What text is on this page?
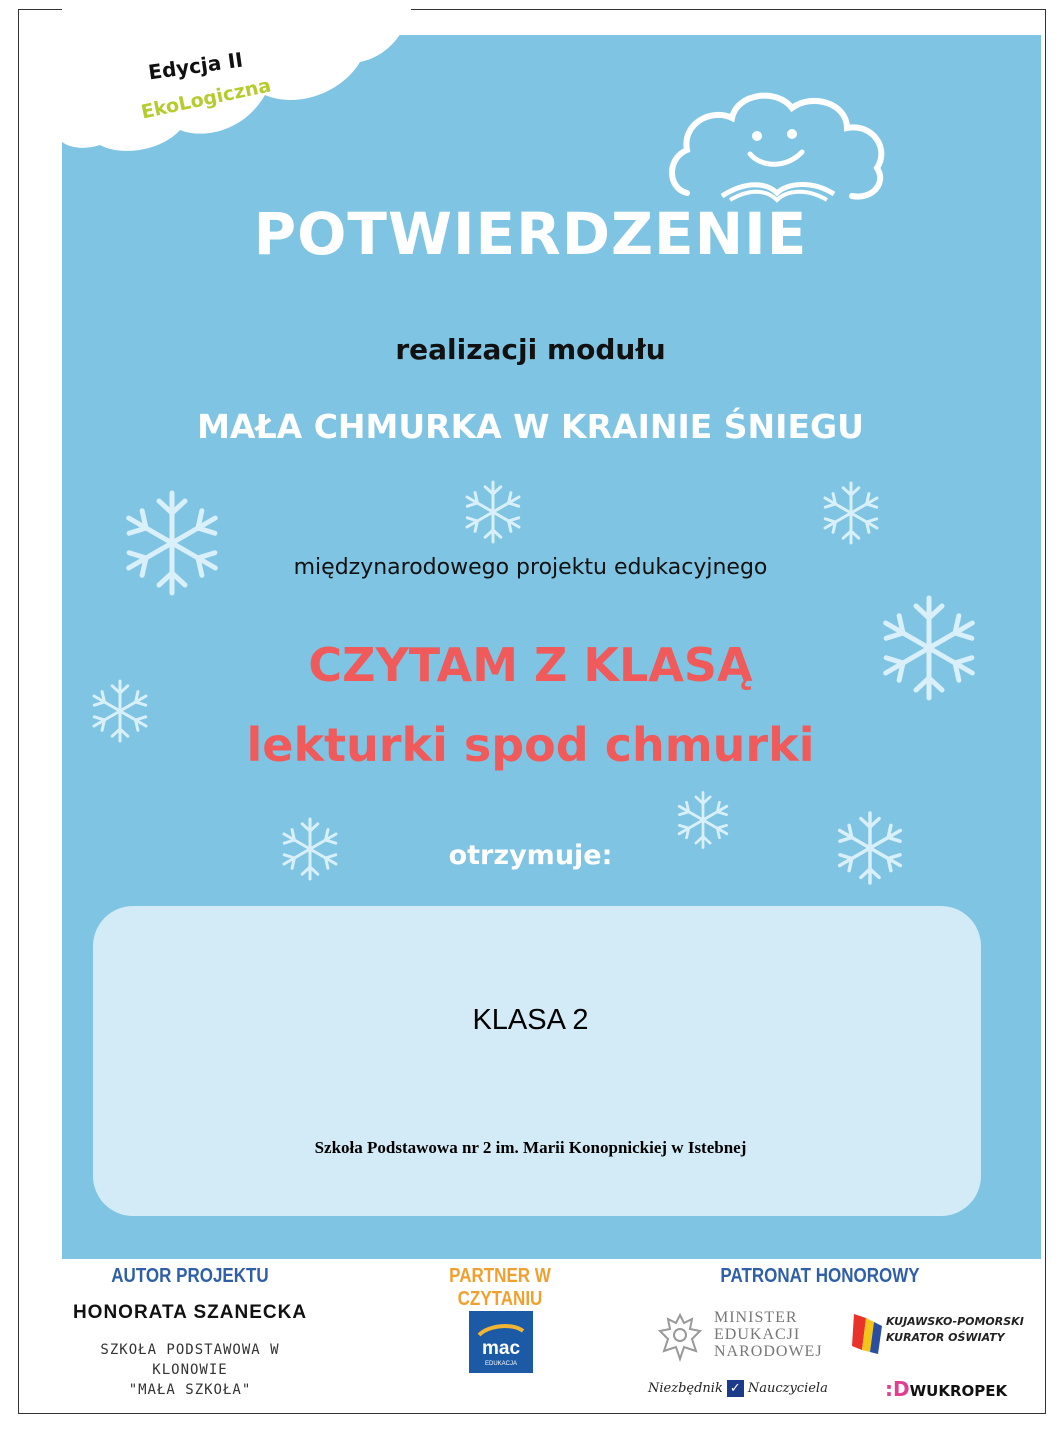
Edycja II
EkoLogiczna
POTWIERDZENIE
realizacji modułu
MAŁA CHMURKA W KRAINIE ŚNIEGU
międzynarodowego projektu edukacyjnego
CZYTAM Z KLASĄ
lekturki spod chmurki
otrzymuje:
KLASA 2
Szkoła Podstawowa nr 2 im. Marii Konopnickiej w Istebnej
AUTOR PROJEKTU
HONORATA SZANECKA
SZKOŁA PODSTAWOWA W KLONOWIE
"MAŁA SZKOŁA"
PARTNER W CZYTANIU
mac
EDUKACJA
PATRONAT HONOROWY
MINISTER
EDUKACJI
NARODOWEJ
KUJAWSKO-POMORSKI
KURATOR OŚWIATY
Niezbędnik ✓ Nauczyciela	:DWUKROPEK
